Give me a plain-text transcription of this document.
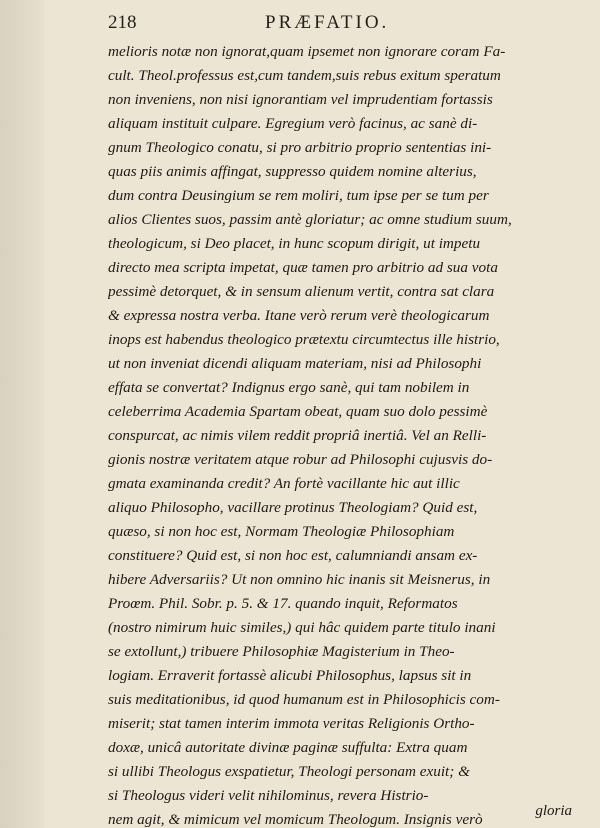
218	PRÆFATIO.
melioris notæ non ignorat,quam ipsemet non ignorare coram Fa-
cult. Theol.professus est,cum tandem,suis rebus exitum speratum
non inveniens, non nisi ignorantiam vel imprudentiam fortassis
aliquam instituit culpare. Egregium verò facinus, ac sanè di-
gnum Theologico conatu, si pro arbitrio proprio sententias ini-
quas piis animis affingat, suppresso quidem nomine alterius,
dum contra Deusingium se rem moliri, tum ipse per se tum per
alios Clientes suos, passim antè gloriatur; ac omne studium suum,
theologicum, si Deo placet, in hunc scopum dirigit, ut impetu
directo mea scripta impetat, quæ tamen pro arbitrio ad sua vota
pessimè detorquet, & in sensum alienum vertit, contra sat clara
& expressa nostra verba. Itane verò rerum verè theologicarum
inops est habendus theologico prætextu circumtectus ille histrio,
ut non inveniat dicendi aliquam materiam, nisi ad Philosophi
effata se convertat? Indignus ergo sanè, qui tam nobilem in
celeberrima Academia Spartam obeat, quam suo dolo pessimè
conspurcat, ac nimis vilem reddit propriâ inertiâ. Vel an Relli-
gionis nostræ veritatem atque robur ad Philosophi cujusvis do-
gmata examinanda credit? An fortè vacillante hic aut illic
aliquo Philosopho, vacillare protinus Theologiam? Quid est,
quæso, si non hoc est, Normam Theologiæ Philosophiam
constituere? Quid est, si non hoc est, calumniandi ansam ex-
hibere Adversariis? Ut non omnino hic inanis sit Meisnerus, in
Proœm. Phil. Sobr. p. 5. & 17. quando inquit, Reformatos
(nostro nimirum huic similes,) qui hâc quidem parte titulo inani
se extollunt,) tribuere Philosophiæ Magisterium in Theo-
logiam. Erraverit fortassè alicubi Philosophus, lapsus sit in
suis meditationibus, id quod humanum est in Philosophicis com-
miserit; stat tamen interim immota veritas Religionis Ortho-
doxæ, unicâ autoritate divinæ paginæ suffulta: Extra quam
si ullibi Theologus exspatietur, Theologi personam exuit; &
si Theologus videri velit nihilominus, revera Histrio-
nem agit, & mimicum vel momicum Theologum. Insignis verò	gloria
